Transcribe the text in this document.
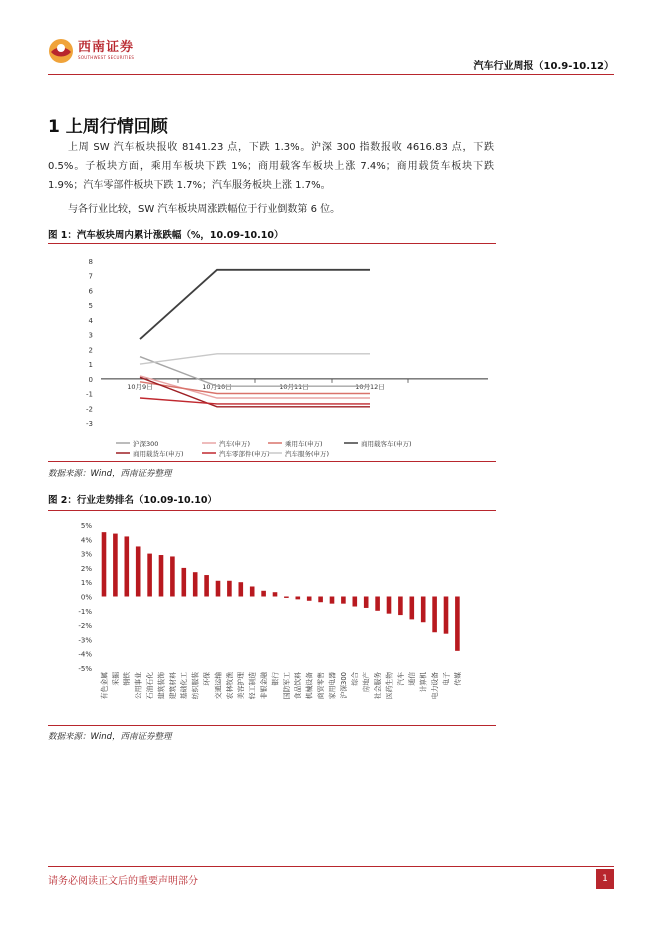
西南证券
SOUTHWEST SECURITIES
汽车行业周报（10.9-10.12）
1 上周行情回顾
上周 SW 汽车板块报收 8141.23 点，下跌 1.3%。沪深 300 指数报收 4616.83 点，下跌 0.5%。子板块方面，乘用车板块下跌 1%；商用载客车板块上涨 7.4%；商用载货车板块下跌 1.9%；汽车零部件板块下跌 1.7%；汽车服务板块上涨 1.7%。
与各行业比较，SW 汽车板块周涨跌幅位于行业倒数第 6 位。
图 1：汽车板块周内累计涨跌幅（%，10.09-10.10）
8
7
6
5
4
3
2
1
0
-1
-2
-3
10月9日	10月10日	10月11日	10月12日
沪深300	汽车(申万)	乘用车(申万)	商用载客车(申万)
商用载货车(申万)	汽车零部件(申万) 汽车服务(申万)
数据来源：Wind，西南证券整理
图 2：行业走势排名（10.09-10.10）
5%
4%
3%
2%
1%
0%
-1%
-2%
-3%
-4%
-5%
有色金属 采掘 钢铁 公用事业 石油石化 建筑装饰 建筑材料 基础化工 纺织服装 环保 交通运输 农林牧渔 美容护理 轻工制造 非银金融 银行 国防军工 食品饮料 机械设备 商贸零售 家用电器 沪深300 综合 房地产 社会服务 医药生物 汽车 通信 计算机 电力设备 电子 传媒
数据来源：Wind，西南证券整理
请务必阅读正文后的重要声明部分	1
